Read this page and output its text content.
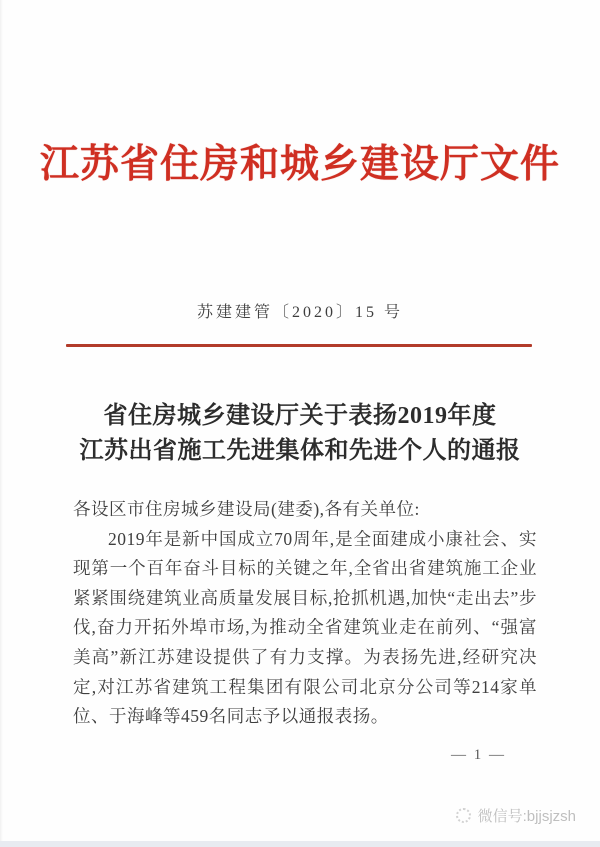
江苏省住房和城乡建设厅文件
苏建建管〔2020〕15 号
省住房城乡建设厅关于表扬2019年度
江苏出省施工先进集体和先进个人的通报

各设区市住房城乡建设局(建委),各有关单位:

2019年是新中国成立70周年,是全面建成小康社会、实现第一个百年奋斗目标的关键之年,全省出省建筑施工企业紧紧围绕建筑业高质量发展目标,抢抓机遇,加快“走出去”步伐,奋力开拓外埠市场,为推动全省建筑业走在前列、“强富美高”新江苏建设提供了有力支撑。为表扬先进,经研究决定,对江苏省建筑工程集团有限公司北京分公司等214家单位、于海峰等459名同志予以通报表扬。

— 1 —
微信号:bjjsjzsh
